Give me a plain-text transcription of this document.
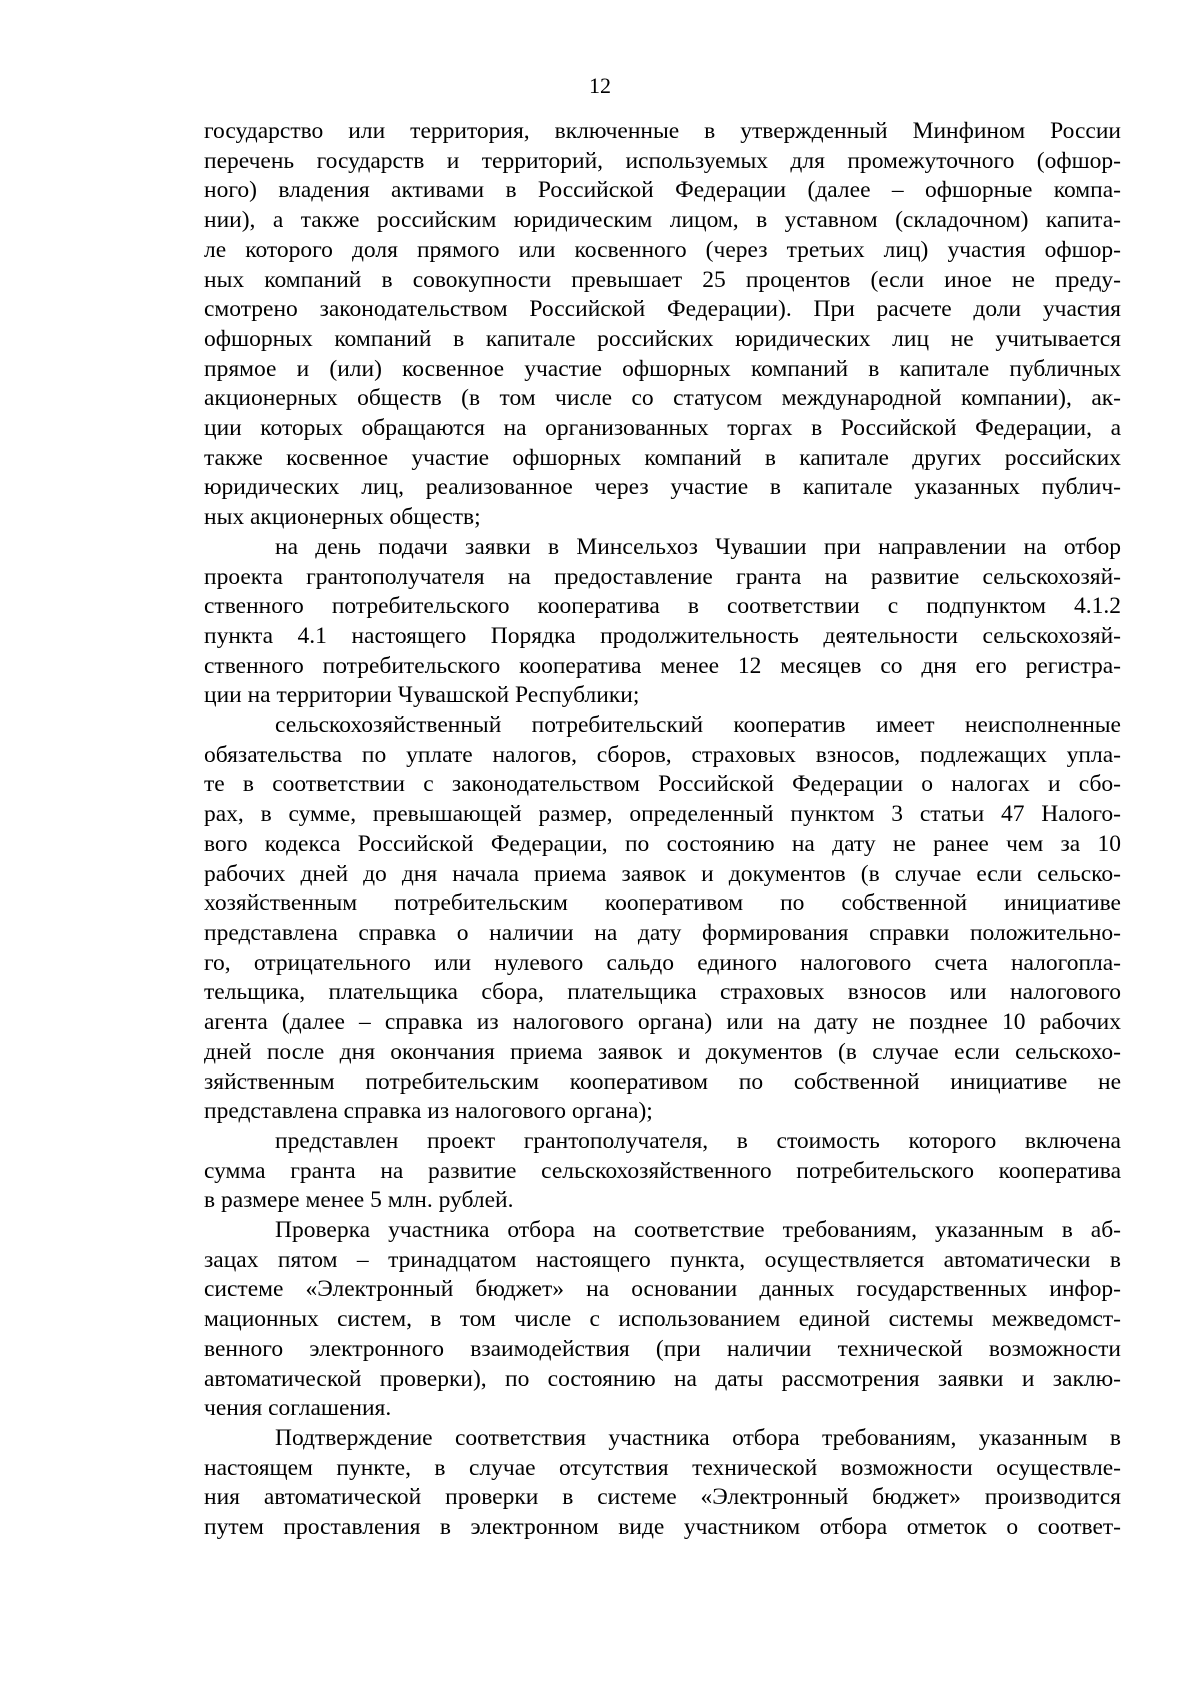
12

государство или территория, включенные в утвержденный Минфином России
перечень государств и территорий, используемых для промежуточного (офшор-
ного) владения активами в Российской Федерации (далее – офшорные компа-
нии), а также российским юридическим лицом, в уставном (складочном) капита-
ле которого доля прямого или косвенного (через третьих лиц) участия офшор-
ных компаний в совокупности превышает 25 процентов (если иное не преду-
смотрено законодательством Российской Федерации). При расчете доли участия
офшорных компаний в капитале российских юридических лиц не учитывается
прямое и (или) косвенное участие офшорных компаний в капитале публичных
акционерных обществ (в том числе со статусом международной компании), ак-
ции которых обращаются на организованных торгах в Российской Федерации, а
также косвенное участие офшорных компаний в капитале других российских
юридических лиц, реализованное через участие в капитале указанных публич-
ных акционерных обществ;

на день подачи заявки в Минсельхоз Чувашии при направлении на отбор
проекта грантополучателя на предоставление гранта на развитие сельскохозяй-
ственного потребительского кооператива в соответствии с подпунктом 4.1.2
пункта 4.1 настоящего Порядка продолжительность деятельности сельскохозяй-
ственного потребительского кооператива менее 12 месяцев со дня его регистра-
ции на территории Чувашской Республики;

сельскохозяйственный потребительский кооператив имеет неисполненные
обязательства по уплате налогов, сборов, страховых взносов, подлежащих упла-
те в соответствии с законодательством Российской Федерации о налогах и сбо-
рах, в сумме, превышающей размер, определенный пунктом 3 статьи 47 Налого-
вого кодекса Российской Федерации, по состоянию на дату не ранее чем за 10
рабочих дней до дня начала приема заявок и документов (в случае если сельско-
хозяйственным потребительским кооперативом по собственной инициативе
представлена справка о наличии на дату формирования справки положительно-
го, отрицательного или нулевого сальдо единого налогового счета налогопла-
тельщика, плательщика сбора, плательщика страховых взносов или налогового
агента (далее – справка из налогового органа) или на дату не позднее 10 рабочих
дней после дня окончания приема заявок и документов (в случае если сельскохо-
зяйственным потребительским кооперативом по собственной инициативе не
представлена справка из налогового органа);

представлен проект грантополучателя, в стоимость которого включена
сумма гранта на развитие сельскохозяйственного потребительского кооператива
в размере менее 5 млн. рублей.

Проверка участника отбора на соответствие требованиям, указанным в аб-
зацах пятом – тринадцатом настоящего пункта, осуществляется автоматически в
системе «Электронный бюджет» на основании данных государственных инфор-
мационных систем, в том числе с использованием единой системы межведомст-
венного электронного взаимодействия (при наличии технической возможности
автоматической проверки), по состоянию на даты рассмотрения заявки и заклю-
чения соглашения.

Подтверждение соответствия участника отбора требованиям, указанным в
настоящем пункте, в случае отсутствия технической возможности осуществле-
ния автоматической проверки в системе «Электронный бюджет» производится
путем проставления в электронном виде участником отбора отметок о соответ-
